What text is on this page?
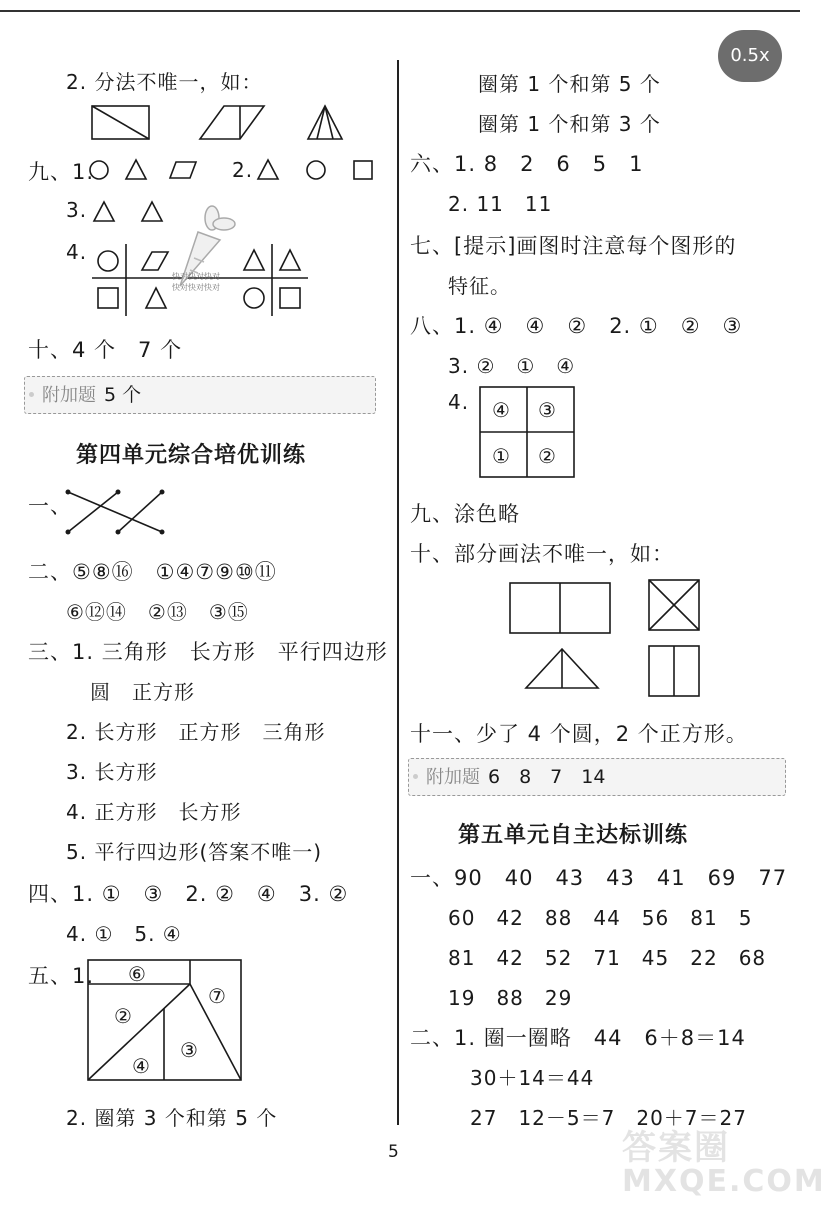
0.5x
2. 分法不唯一，如：
九、1.	2.
3.
4.
快对快对快对
快对快对快对
十、4 个　7 个
附加题 5 个
第四单元综合培优训练
一、
二、⑤⑧⑯　①④⑦⑨⑩⑪
⑥⑫⑭　②⑬　③⑮
三、1. 三角形　长方形　平行四边形
圆　正方形
2. 长方形　正方形　三角形
3. 长方形
4. 正方形　长方形
5. 平行四边形(答案不唯一)
四、1. ①　③　2. ②　④　3. ②
4. ①　5. ④
五、1. ⑥
⑦
②
③
④
2. 圈第 3 个和第 5 个
圈第 1 个和第 5 个
圈第 1 个和第 3 个
六、1. 8　2　6　5　1
2. 11　11
七、[提示]画图时注意每个图形的
特征。
八、1. ④　④　②　2. ①　②　③
3. ②　①　④
4. ④ ③
① ②
九、涂色略
十、部分画法不唯一，如：
十一、少了 4 个圆，2 个正方形。
附加题 6　8　7　14
第五单元自主达标训练
一、90　40　43　43　41　69　77
60　42　88　44　56　81　5
81　42　52　71　45　22　68
19　88　29
二、1. 圈一圈略　44　6＋8＝14
30＋14＝44
27　12－5＝7　20＋7＝27
5	答案圈
MXQE.COM
